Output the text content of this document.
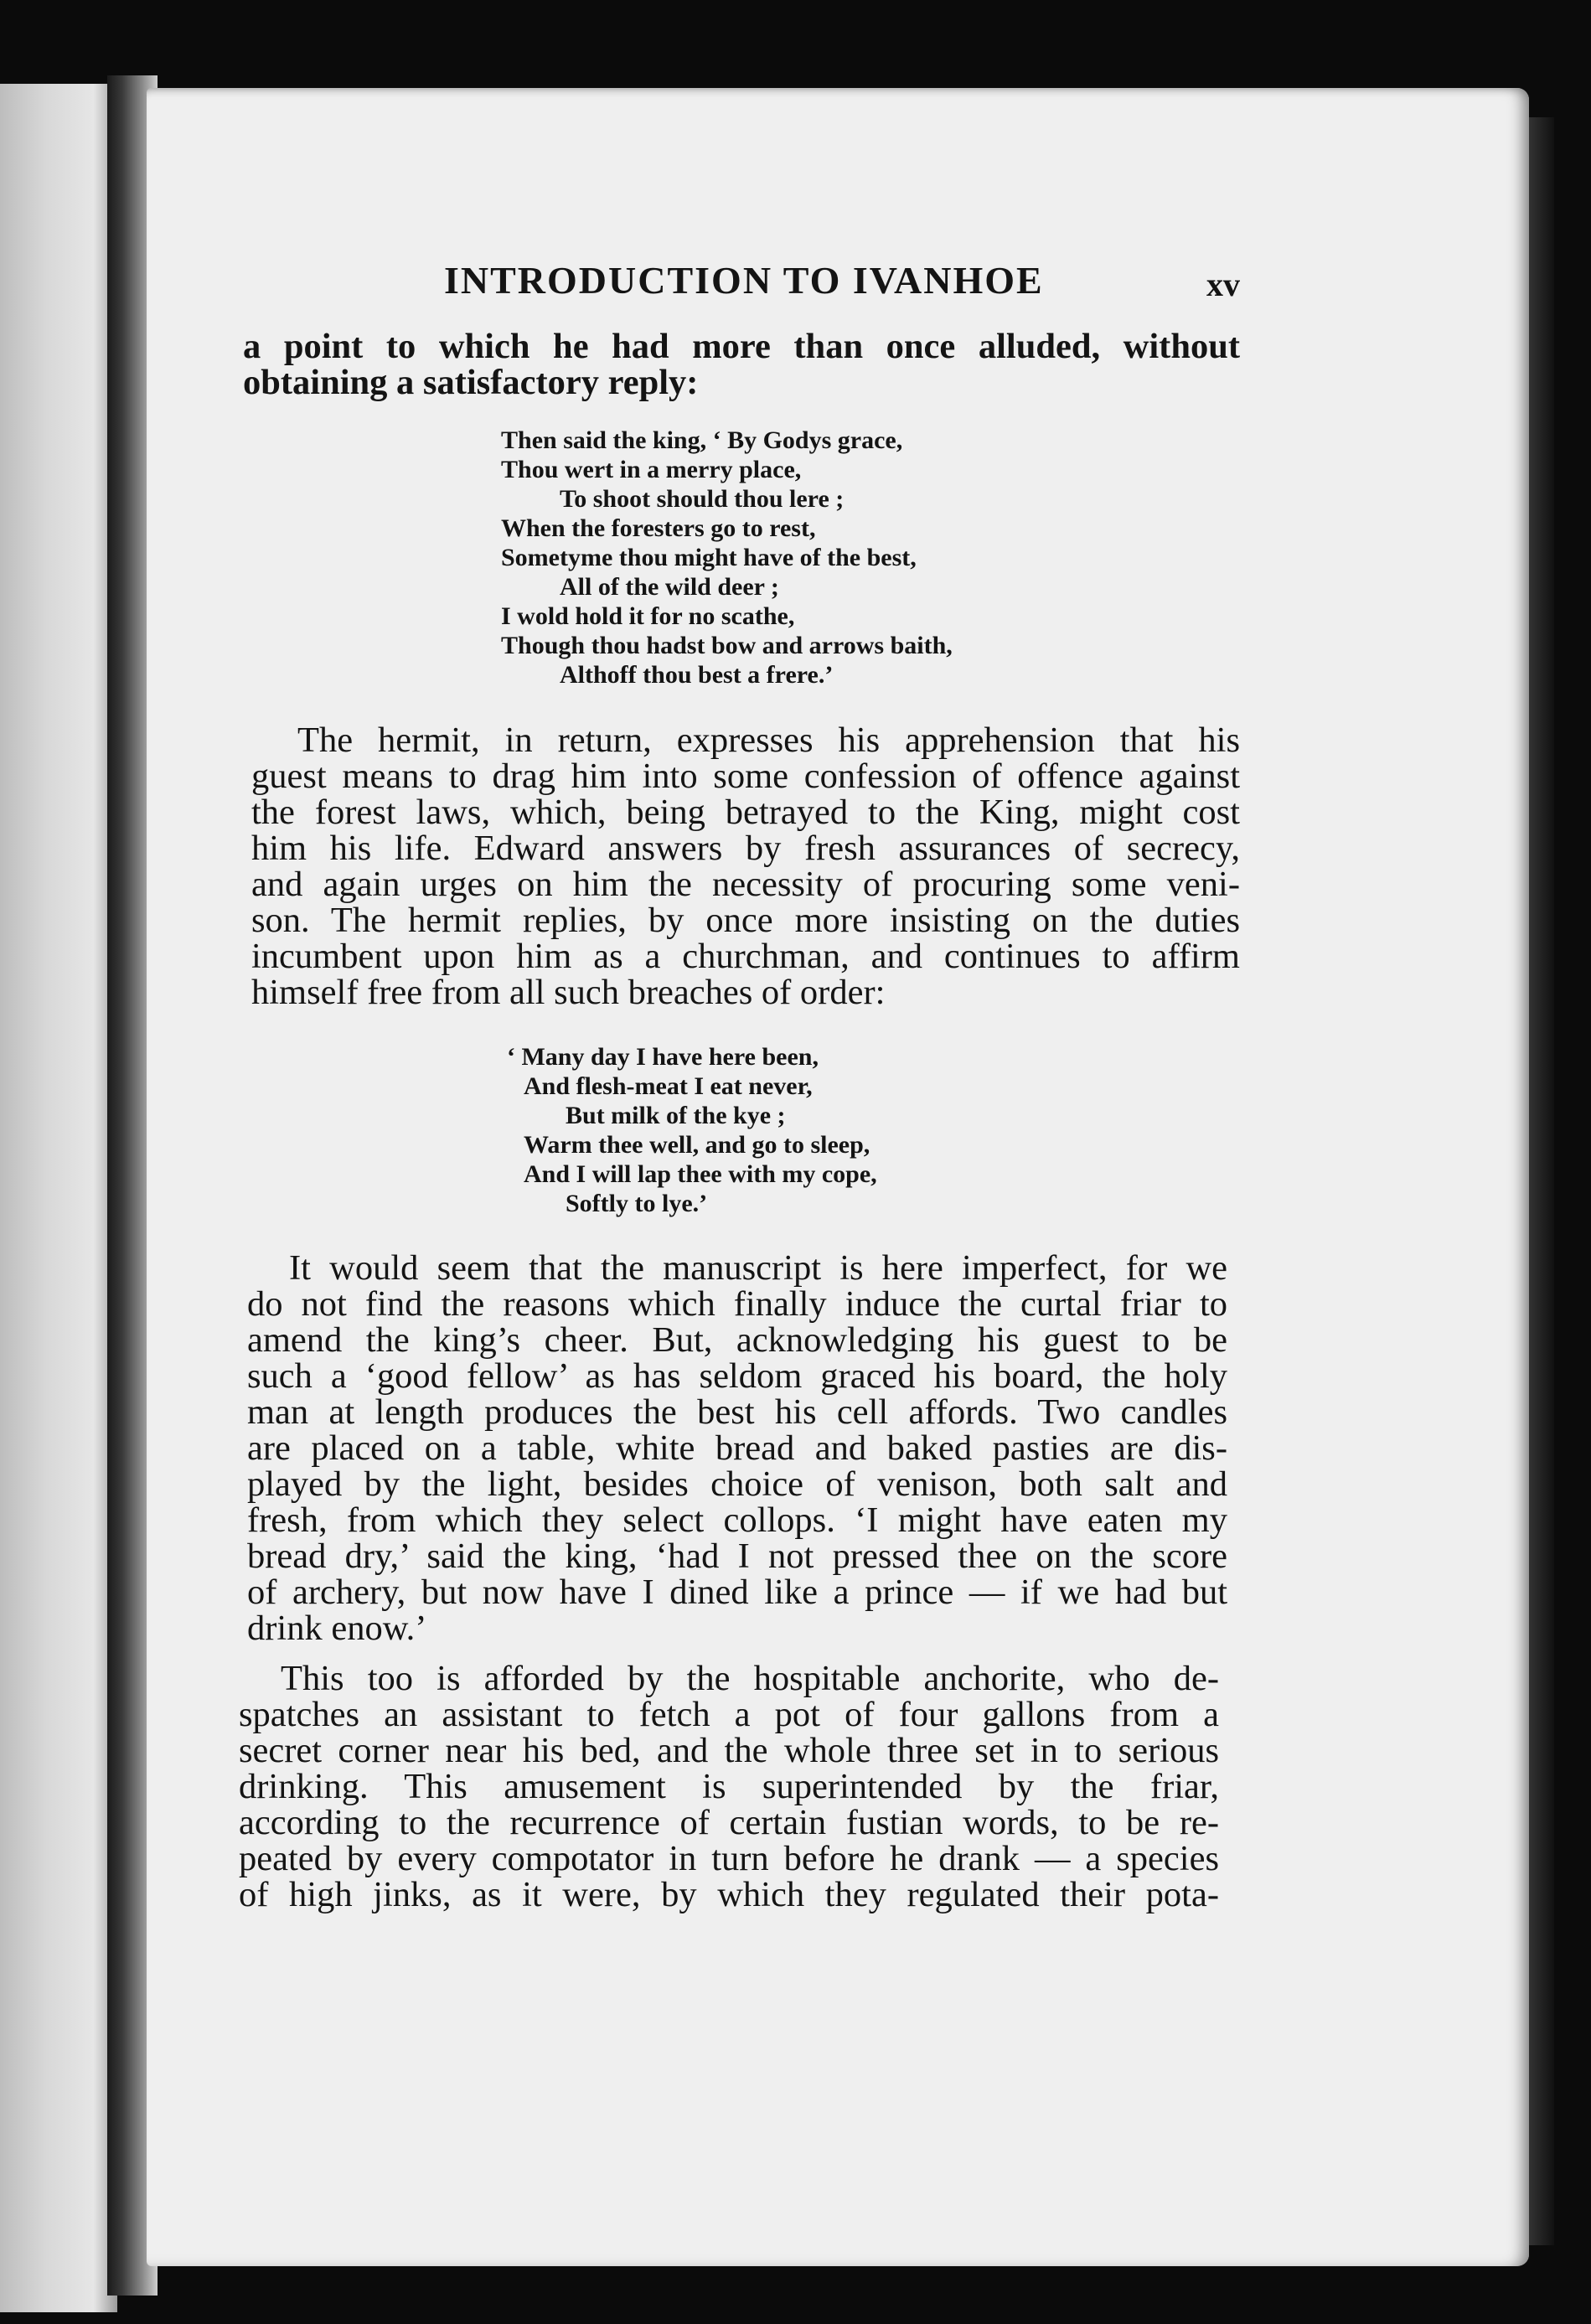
INTRODUCTION TO IVANHOE	xv
a point to which he had more than once alluded, without
obtaining a satisfactory reply:
Then said the king, ‘ By Godys grace,
Thou wert in a merry place,
To shoot should thou lere ;
When the foresters go to rest,
Sometyme thou might have of the best,
All of the wild deer ;
I wold hold it for no scathe,
Though thou hadst bow and arrows baith,
Althoff thou best a frere.’
The hermit, in return, expresses his apprehension that his
guest means to drag him into some confession of offence against
the forest laws, which, being betrayed to the King, might cost
him his life. Edward answers by fresh assurances of secrecy,
and again urges on him the necessity of procuring some veni-
son. The hermit replies, by once more insisting on the duties
incumbent upon him as a churchman, and continues to affirm
himself free from all such breaches of order:
‘ Many day I have here been,
And flesh-meat I eat never,
But milk of the kye ;
Warm thee well, and go to sleep,
And I will lap thee with my cope,
Softly to lye.’
It would seem that the manuscript is here imperfect, for we
do not find the reasons which finally induce the curtal friar to
amend the king’s cheer. But, acknowledging his guest to be
such a ‘good fellow’ as has seldom graced his board, the holy
man at length produces the best his cell affords. Two candles
are placed on a table, white bread and baked pasties are dis-
played by the light, besides choice of venison, both salt and
fresh, from which they select collops. ‘I might have eaten my
bread dry,’ said the king, ‘had I not pressed thee on the score
of archery, but now have I dined like a prince — if we had but
drink enow.’
This too is afforded by the hospitable anchorite, who de-
spatches an assistant to fetch a pot of four gallons from a
secret corner near his bed, and the whole three set in to serious
drinking. This amusement is superintended by the friar,
according to the recurrence of certain fustian words, to be re-
peated by every compotator in turn before he drank — a species
of high jinks, as it were, by which they regulated their pota-
